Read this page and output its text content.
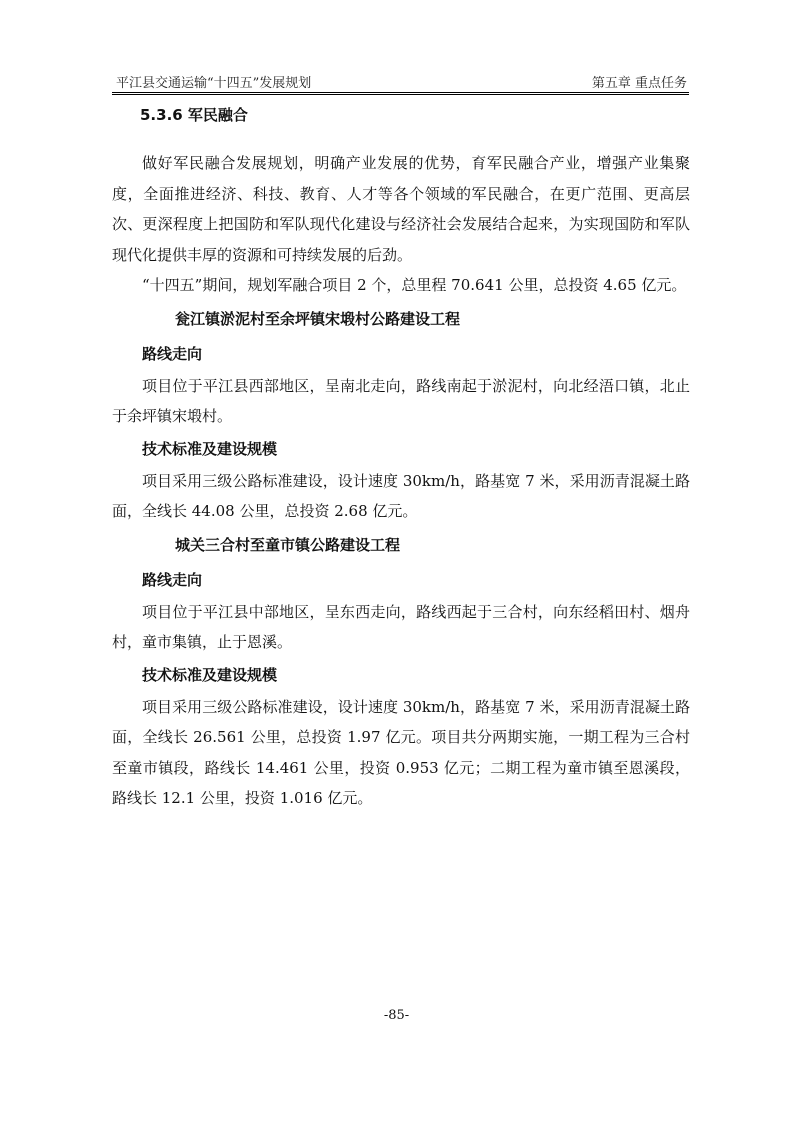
平江县交通运输“十四五”发展规划	第五章 重点任务
5.3.6 军民融合

做好军民融合发展规划，明确产业发展的优势，育军民融合产业，增强产业集聚度，全面推进经济、科技、教育、人才等各个领域的军民融合，在更广范围、更高层次、更深程度上把国防和军队现代化建设与经济社会发展结合起来，为实现国防和军队现代化提供丰厚的资源和可持续发展的后劲。

“十四五”期间，规划军融合项目 2 个，总里程 70.641 公里，总投资 4.65 亿元。

瓮江镇淤泥村至余坪镇宋塅村公路建设工程
路线走向

项目位于平江县西部地区，呈南北走向，路线南起于淤泥村，向北经浯口镇，北止于余坪镇宋塅村。

技术标准及建设规模

项目采用三级公路标准建设，设计速度 30km/h，路基宽 7 米，采用沥青混凝土路面，全线长 44.08 公里，总投资 2.68 亿元。

城关三合村至童市镇公路建设工程
路线走向

项目位于平江县中部地区，呈东西走向，路线西起于三合村，向东经稻田村、烟舟村，童市集镇，止于恩溪。

技术标准及建设规模

项目采用三级公路标准建设，设计速度 30km/h，路基宽 7 米，采用沥青混凝土路面，全线长 26.561 公里，总投资 1.97 亿元。项目共分两期实施，一期工程为三合村至童市镇段，路线长 14.461 公里，投资 0.953 亿元；二期工程为童市镇至恩溪段，路线长 12.1 公里，投资 1.016 亿元。

-85-
